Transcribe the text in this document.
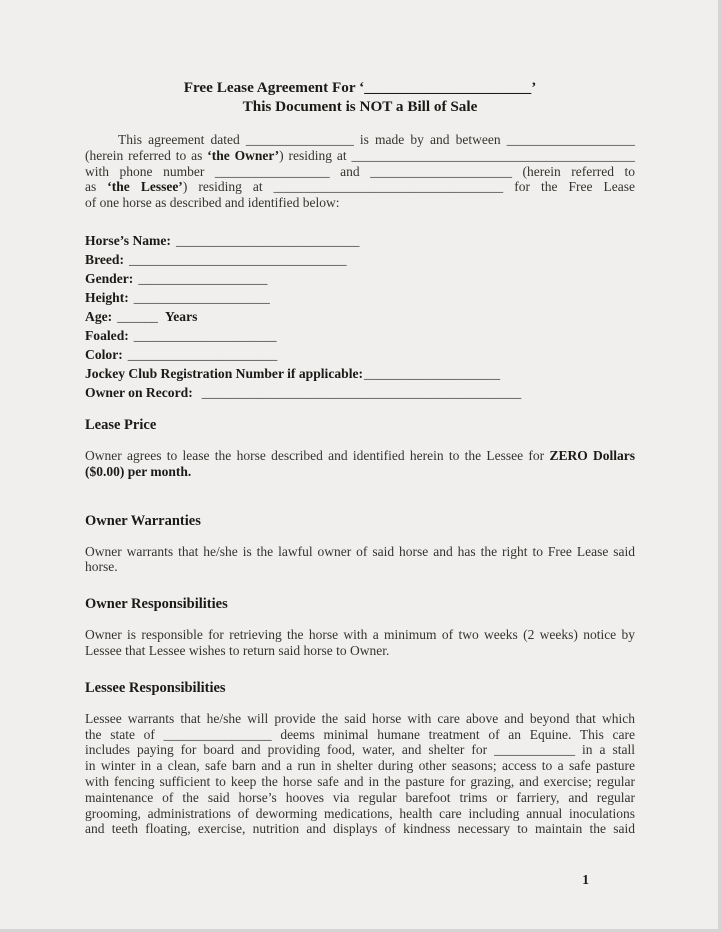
Free Lease Agreement For ‘______________________’
This Document is NOT a Bill of Sale
This agreement dated ________________ is made by and between ___________________
(herein referred to as ‘the Owner’) residing at __________________________________________
with phone number _________________ and _____________________ (herein referred to
as ‘the Lessee’) residing at __________________________________ for the Free Lease
of one horse as described and identified below:
Horse’s Name: ___________________________
Breed: ________________________________
Gender: ___________________
Height: ____________________
Age: ______ Years
Foaled: _____________________
Color: ______________________
Jockey Club Registration Number if applicable:____________________
Owner on Record: _______________________________________________
Lease Price
Owner agrees to lease the horse described and identified herein to the Lessee for ZERO Dollars
($0.00) per month.
Owner Warranties
Owner warrants that he/she is the lawful owner of said horse and has the right to Free Lease said
horse.
Owner Responsibilities
Owner is responsible for retrieving the horse with a minimum of two weeks (2 weeks) notice by
Lessee that Lessee wishes to return said horse to Owner.
Lessee Responsibilities
Lessee warrants that he/she will provide the said horse with care above and beyond that which
the state of ________________ deems minimal humane treatment of an Equine. This care
includes paying for board and providing food, water, and shelter for ____________ in a stall
in winter in a clean, safe barn and a run in shelter during other seasons; access to a safe pasture
with fencing sufficient to keep the horse safe and in the pasture for grazing, and exercise; regular
maintenance of the said horse’s hooves via regular barefoot trims or farriery, and regular
grooming, administrations of deworming medications, health care including annual inoculations
and teeth floating, exercise, nutrition and displays of kindness necessary to maintain the said
1
